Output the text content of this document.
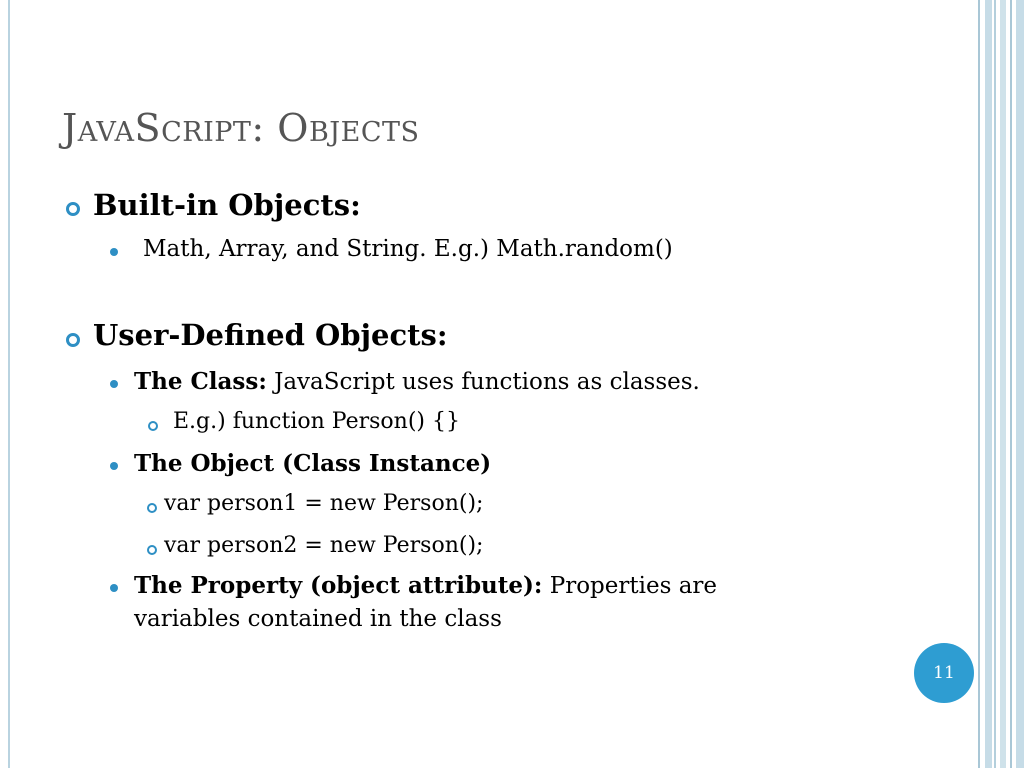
JavaScript: Objects
Built-in Objects:
Math, Array, and String. E.g.) Math.random()
User-Defined Objects:
The Class: JavaScript uses functions as classes.
E.g.) function Person() {}
The Object (Class Instance)
var person1 = new Person();
var person2 = new Person();
The Property (object attribute): Properties are
variables contained in the class
11
